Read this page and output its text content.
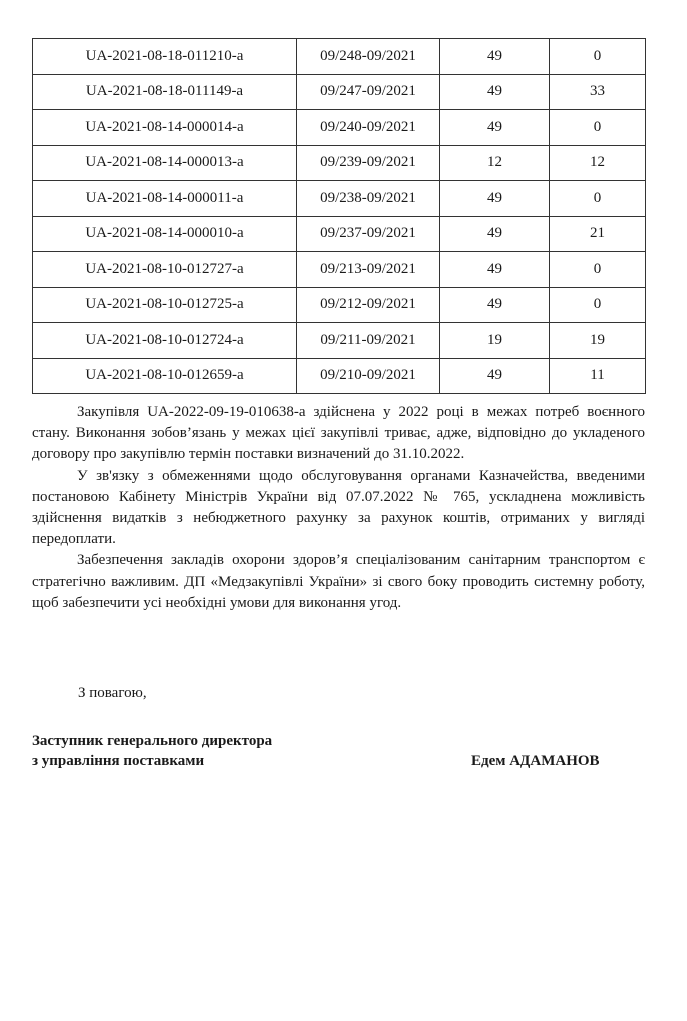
UA-2021-08-18-011210-a	09/248-09/2021	49	0
UA-2021-08-18-011149-a	09/247-09/2021	49	33
UA-2021-08-14-000014-a	09/240-09/2021	49	0
UA-2021-08-14-000013-a	09/239-09/2021	12	12
UA-2021-08-14-000011-a	09/238-09/2021	49	0
UA-2021-08-14-000010-a	09/237-09/2021	49	21
UA-2021-08-10-012727-a	09/213-09/2021	49	0
UA-2021-08-10-012725-a	09/212-09/2021	49	0
UA-2021-08-10-012724-a	09/211-09/2021	19	19
UA-2021-08-10-012659-a	09/210-09/2021	49	11

Закупівля UA-2022-09-19-010638-a здійснена у 2022 році в межах потреб воєнного стану. Виконання зобов’язань у межах цієї закупівлі триває, адже, відповідно до укладеного договору про закупівлю термін поставки визначений до 31.10.2022.

У зв'язку з обмеженнями щодо обслуговування органами Казначейства, введеними постановою Кабінету Міністрів України від 07.07.2022 № 765, ускладнена можливість здійснення видатків з небюджетного рахунку за рахунок коштів, отриманих у вигляді передоплати.

Забезпечення закладів охорони здоров’я спеціалізованим санітарним транспортом є стратегічно важливим. ДП «Медзакупівлі України» зі свого боку проводить системну роботу, щоб забезпечити усі необхідні умови для виконання угод.

З повагою,
Заступник генерального директора
з управління поставками	Едем АДАМАНОВ
